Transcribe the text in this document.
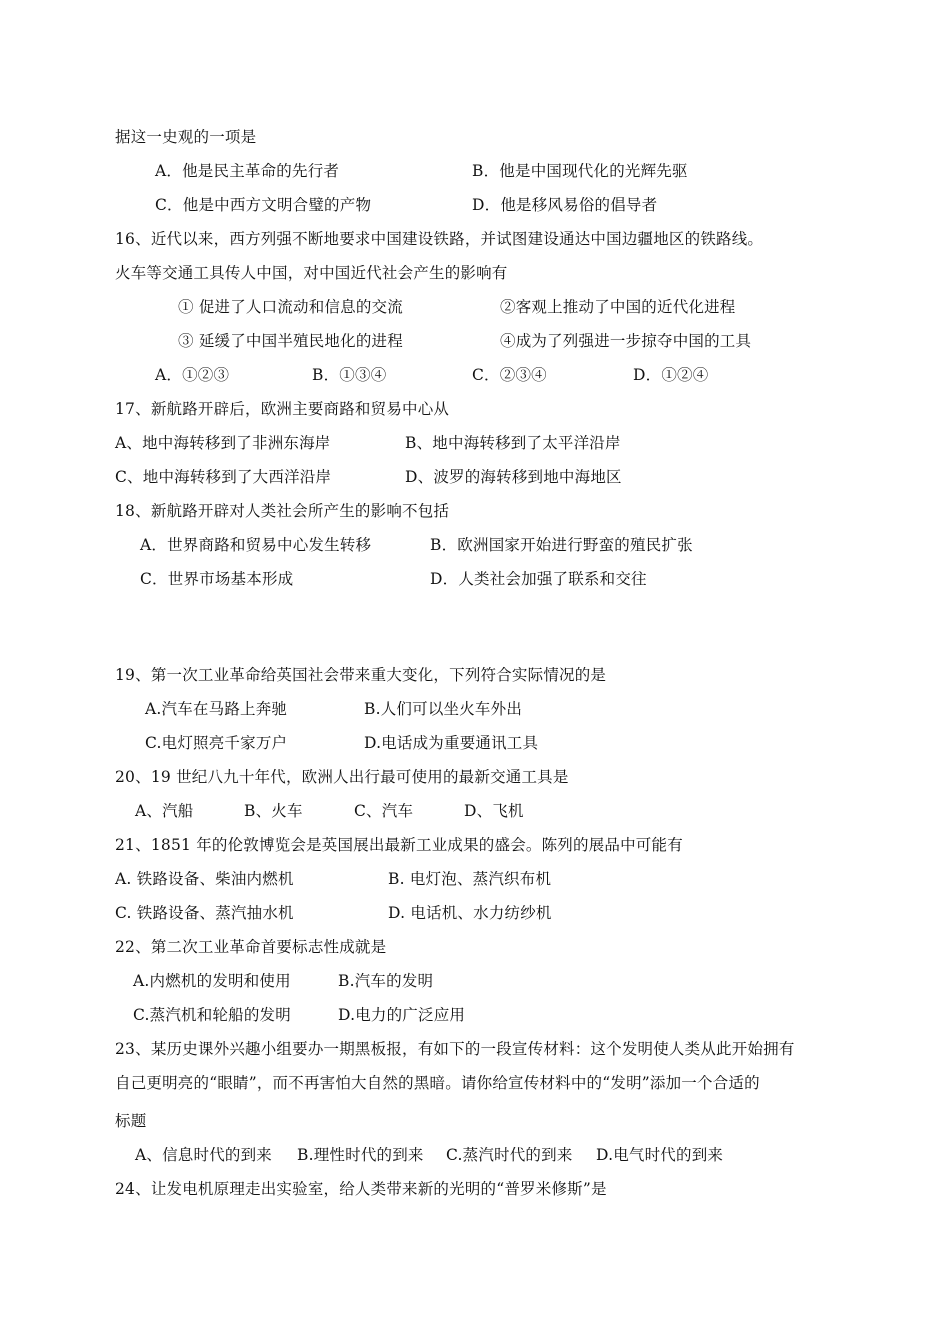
据这一史观的一项是
A．他是民主革命的先行者	B．他是中国现代化的光辉先驱
C．他是中西方文明合璧的产物	D．他是移风易俗的倡导者
16、近代以来，西方列强不断地要求中国建设铁路，并试图建设通达中国边疆地区的铁路线。
火车等交通工具传人中国，对中国近代社会产生的影响有
① 促进了人口流动和信息的交流	②客观上推动了中国的近代化进程
③ 延缓了中国半殖民地化的进程	④成为了列强进一步掠夺中国的工具
A．①②③	B．①③④	C．②③④	D．①②④
17、新航路开辟后，欧洲主要商路和贸易中心从
A、地中海转移到了非洲东海岸	B、地中海转移到了太平洋沿岸
C、地中海转移到了大西洋沿岸	D、波罗的海转移到地中海地区
18、新航路开辟对人类社会所产生的影响不包括
A．世界商路和贸易中心发生转移	B．欧洲国家开始进行野蛮的殖民扩张
C．世界市场基本形成	D．人类社会加强了联系和交往
19、第一次工业革命给英国社会带来重大变化，下列符合实际情况的是
A.汽车在马路上奔驰	B.人们可以坐火车外出
C.电灯照亮千家万户	D.电话成为重要通讯工具
20、19 世纪八九十年代，欧洲人出行最可使用的最新交通工具是
A、汽船	B、火车	C、汽车	D、飞机
21、1851 年的伦敦博览会是英国展出最新工业成果的盛会。陈列的展品中可能有
A. 铁路设备、柴油内燃机	B. 电灯泡、蒸汽织布机
C. 铁路设备、蒸汽抽水机	D. 电话机、水力纺纱机
22、第二次工业革命首要标志性成就是
A.内燃机的发明和使用	B.汽车的发明
C.蒸汽机和轮船的发明	D.电力的广泛应用
23、某历史课外兴趣小组要办一期黑板报，有如下的一段宣传材料：这个发明使人类从此开始拥有
自己更明亮的“眼睛”，而不再害怕大自然的黑暗。请你给宣传材料中的“发明”添加一个合适的
标题
A、信息时代的到来 B.理性时代的到来 C.蒸汽时代的到来 D.电气时代的到来
24、让发电机原理走出实验室，给人类带来新的光明的“普罗米修斯”是
